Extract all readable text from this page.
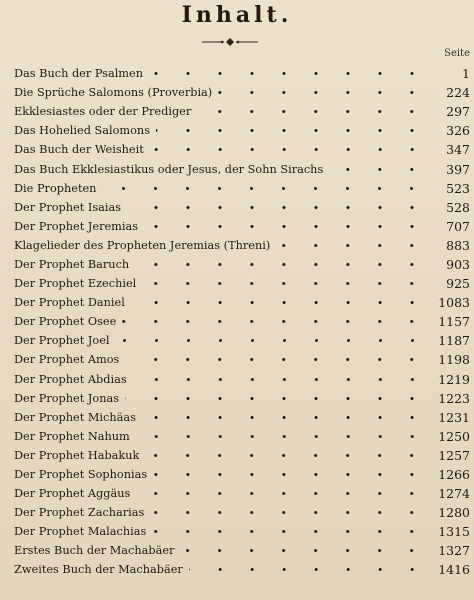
Inhalt.
Seite
Das Buch der Psalmen	1
Die Sprüche Salomons (Proverbia)	224
Ekklesiastes oder der Prediger	297
Das Hohelied Salomons	326
Das Buch der Weisheit	347
Das Buch Ekklesiastikus oder Jesus, der Sohn Sirachs	397
Die Propheten	523
Der Prophet Isaias	528
Der Prophet Jeremias	707
Klagelieder des Propheten Jeremias (Threni)	883
Der Prophet Baruch	903
Der Prophet Ezechiel	925
Der Prophet Daniel	1083
Der Prophet Osee	1157
Der Prophet Joel	1187
Der Prophet Amos	1198
Der Prophet Abdias	1219
Der Prophet Jonas	1223
Der Prophet Michäas	1231
Der Prophet Nahum	1250
Der Prophet Habakuk	1257
Der Prophet Sophonias	1266
Der Prophet Aggäus	1274
Der Prophet Zacharias	1280
Der Prophet Malachias	1315
Erstes Buch der Machabäer	1327
Zweites Buch der Machabäer	1416
